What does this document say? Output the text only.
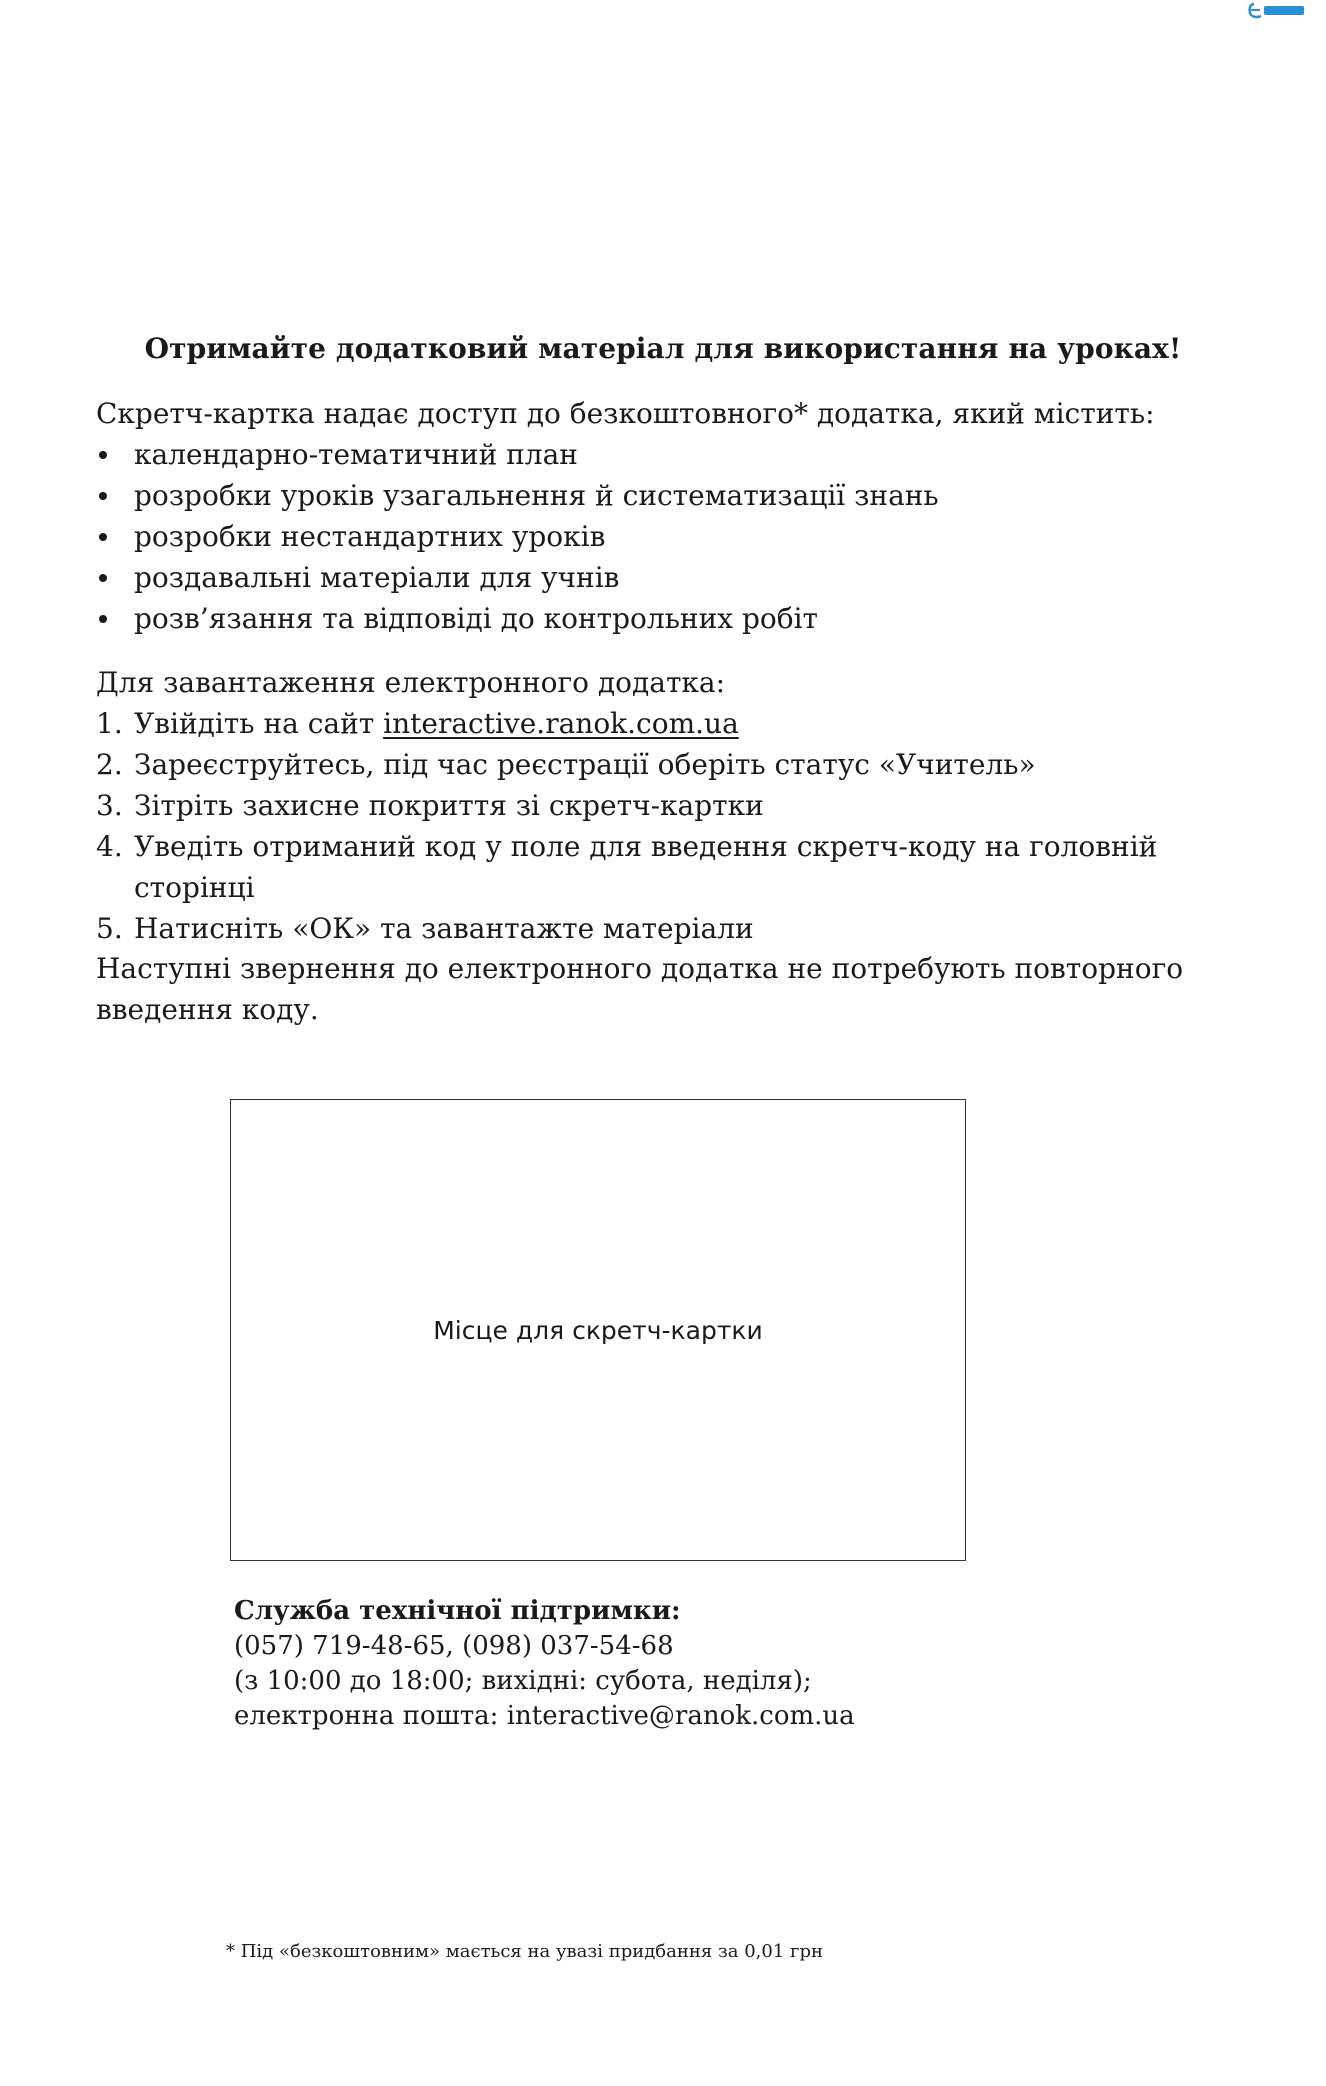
Отримайте додатковий матеріал для використання на уроках!

Скретч-картка надає доступ до безкоштовного* додатка, який містить:

календарно-тематичний план
розробки уроків узагальнення й систематизації знань
розробки нестандартних уроків
роздавальні матеріали для учнів
розв’язання та відповіді до контрольних робіт

Для завантаження електронного додатка:

1. Увійдіть на сайт interactive.ranok.com.ua
2. Зареєструйтесь, під час реєстрації оберіть статус «Учитель»
3. Зітріть захисне покриття зі скретч-картки
4. Уведіть отриманий код у поле для введення скретч-коду на головній сторінці
5. Натисніть «ОК» та завантажте матеріали

Наступні звернення до електронного додатка не потребують повторного

введення коду.

Місце для скретч-картки
Служба технічної підтримки:
(057) 719-48-65, (098) 037-54-68
(з 10:00 до 18:00; вихідні: субота, неділя);
електронна пошта: interactive@ranok.com.ua
* Під «безкоштовним» мається на увазі придбання за 0,01 грн
